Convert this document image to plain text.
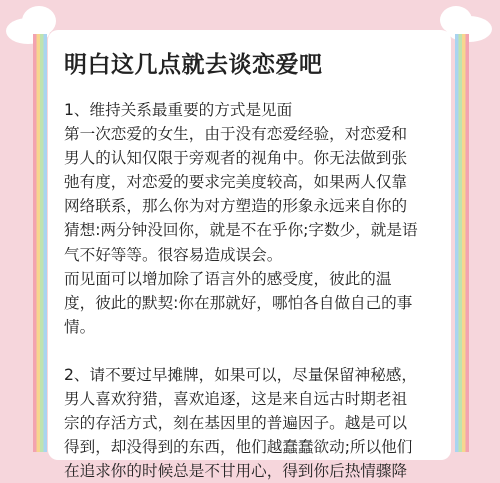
明白这几点就去谈恋爱吧

1、维持关系最重要的方式是见面

第一次恋爱的女生，由于没有恋爱经验，对恋爱和

男人的认知仅限于旁观者的视角中。你无法做到张

弛有度，对恋爱的要求完美度较高，如果两人仅靠

网络联系，那么你为对方塑造的形象永远来自你的

猜想:两分钟没回你，就是不在乎你;字数少，就是语

气不好等等。很容易造成误会。

而见面可以增加除了语言外的感受度，彼此的温

度，彼此的默契:你在那就好，哪怕各自做自己的事

情。

2、请不要过早摊牌，如果可以，尽量保留神秘感，

男人喜欢狩猎，喜欢追逐，这是来自远古时期老祖

宗的存活方式，刻在基因里的普遍因子。越是可以

得到，却没得到的东西，他们越蠢蠢欲动;所以他们

在追求你的时候总是不甘用心，得到你后热情骤降
